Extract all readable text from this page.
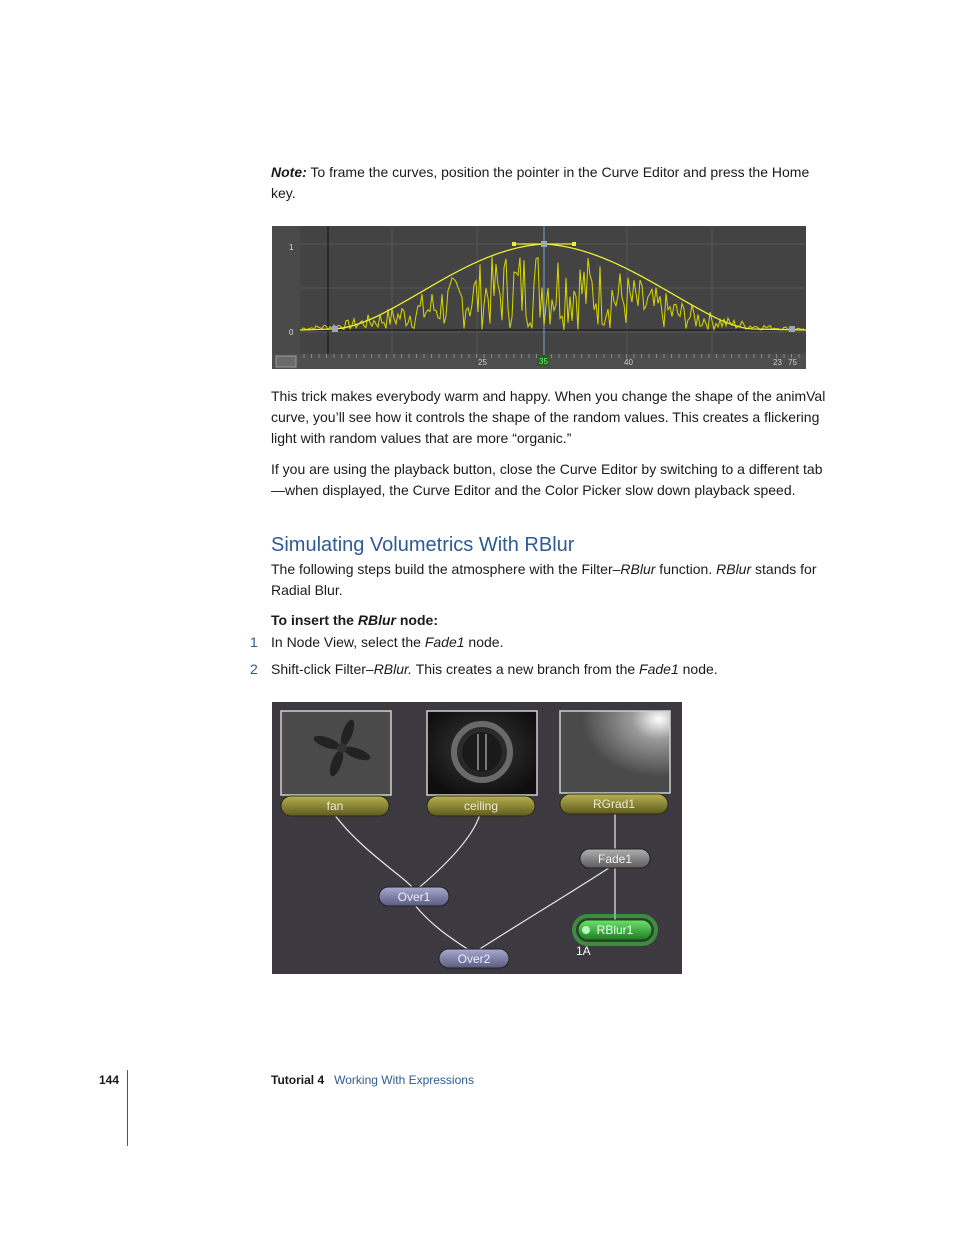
Note: To frame the curves, position the pointer in the Curve Editor and press the Home key.

1
0
25	35	40	23 75

This trick makes everybody warm and happy. When you change the shape of the animVal curve, you’ll see how it controls the shape of the random values. This creates a flickering light with random values that are more “organic.”

If you are using the playback button, close the Curve Editor by switching to a different tab—when displayed, the Curve Editor and the Color Picker slow down playback speed.

Simulating Volumetrics With RBlur

The following steps build the atmosphere with the Filter–RBlur function. RBlur stands for Radial Blur.

To insert the RBlur node:

1 In Node View, select the Fade1 node.
2 Shift-click Filter–RBlur. This creates a new branch from the Fade1 node.
fan	ceiling	RGrad1
Fade1
Over1
Over2
RBlur1
1A
144	Tutorial 4 Working With Expressions
